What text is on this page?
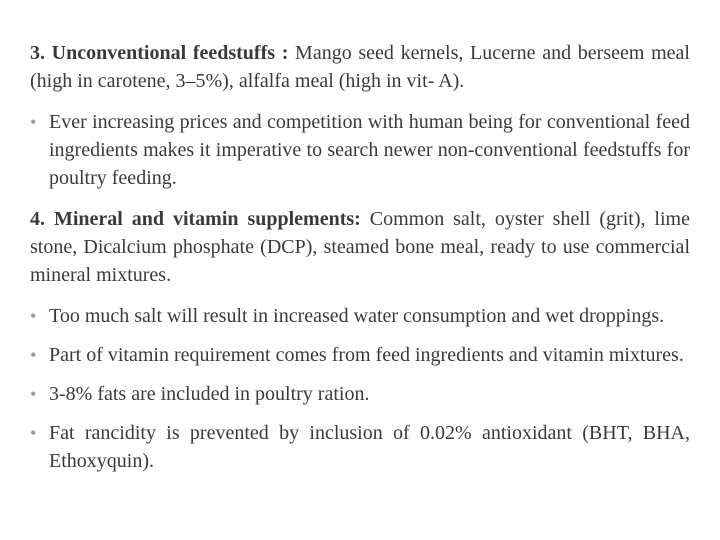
3. Unconventional feedstuffs : Mango seed kernels, Lucerne and berseem meal (high in carotene, 3–5%), alfalfa meal (high in vit- A).

• Ever increasing prices and competition with human being for conventional feed ingredients makes it imperative to search newer non-conventional feedstuffs for poultry feeding.

4. Mineral and vitamin supplements: Common salt, oyster shell (grit), lime stone, Dicalcium phosphate (DCP), steamed bone meal, ready to use commercial mineral mixtures.

• Too much salt will result in increased water consumption and wet droppings.
• Part of vitamin requirement comes from feed ingredients and vitamin mixtures.
• 3-8% fats are included in poultry ration.
• Fat rancidity is prevented by inclusion of 0.02% antioxidant (BHT, BHA, Ethoxyquin).
